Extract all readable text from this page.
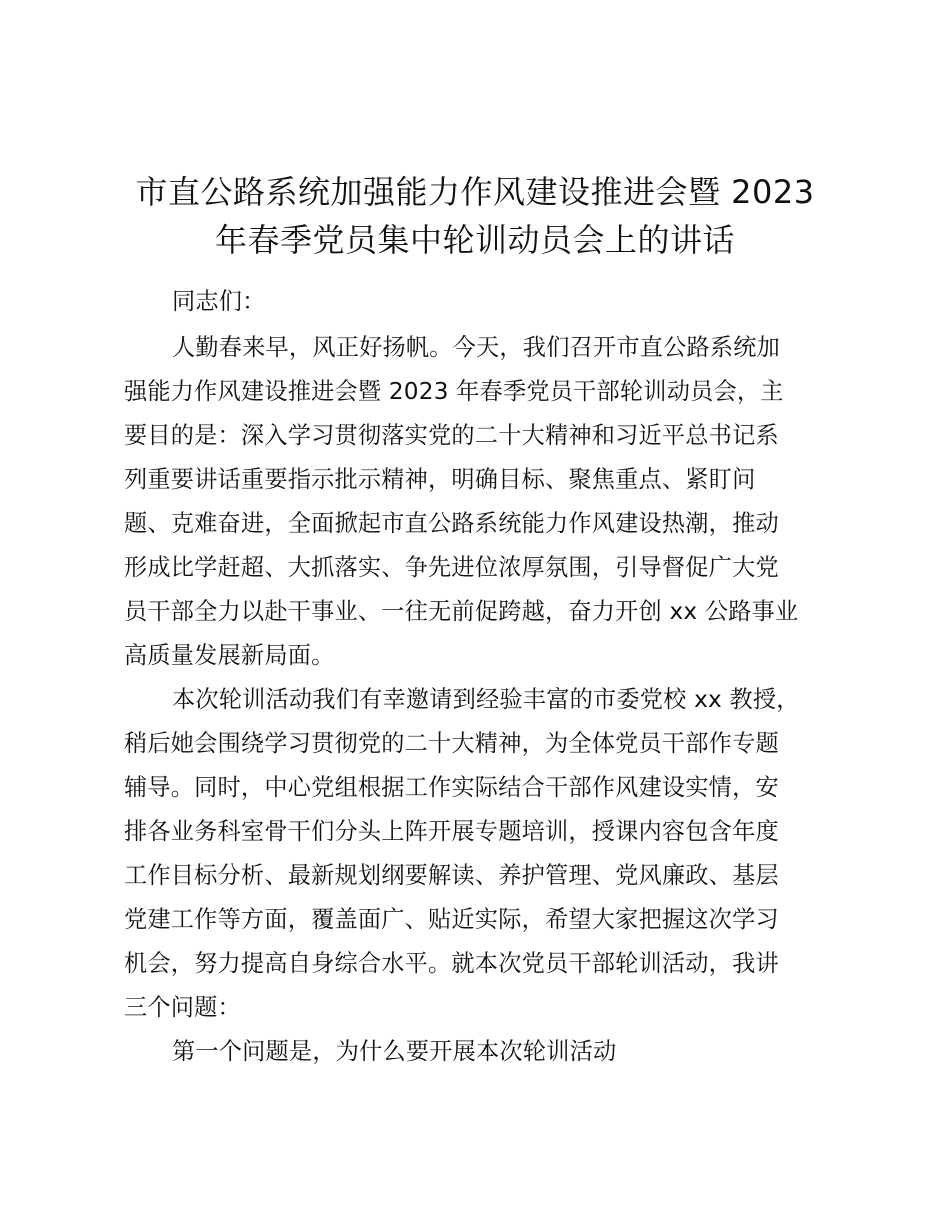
市直公路系统加强能力作风建设推进会暨 2023
年春季党员集中轮训动员会上的讲话
同志们：
人勤春来早，风正好扬帆。今天，我们召开市直公路系统加
强能力作风建设推进会暨 2023 年春季党员干部轮训动员会，主
要目的是：深入学习贯彻落实党的二十大精神和习近平总书记系
列重要讲话重要指示批示精神，明确目标、聚焦重点、紧盯问
题、克难奋进，全面掀起市直公路系统能力作风建设热潮，推动
形成比学赶超、大抓落实、争先进位浓厚氛围，引导督促广大党
员干部全力以赴干事业、一往无前促跨越，奋力开创 xx 公路事业
高质量发展新局面。
本次轮训活动我们有幸邀请到经验丰富的市委党校 xx 教授，
稍后她会围绕学习贯彻党的二十大精神，为全体党员干部作专题
辅导。同时，中心党组根据工作实际结合干部作风建设实情，安
排各业务科室骨干们分头上阵开展专题培训，授课内容包含年度
工作目标分析、最新规划纲要解读、养护管理、党风廉政、基层
党建工作等方面，覆盖面广、贴近实际，希望大家把握这次学习
机会，努力提高自身综合水平。就本次党员干部轮训活动，我讲
三个问题：
第一个问题是，为什么要开展本次轮训活动
